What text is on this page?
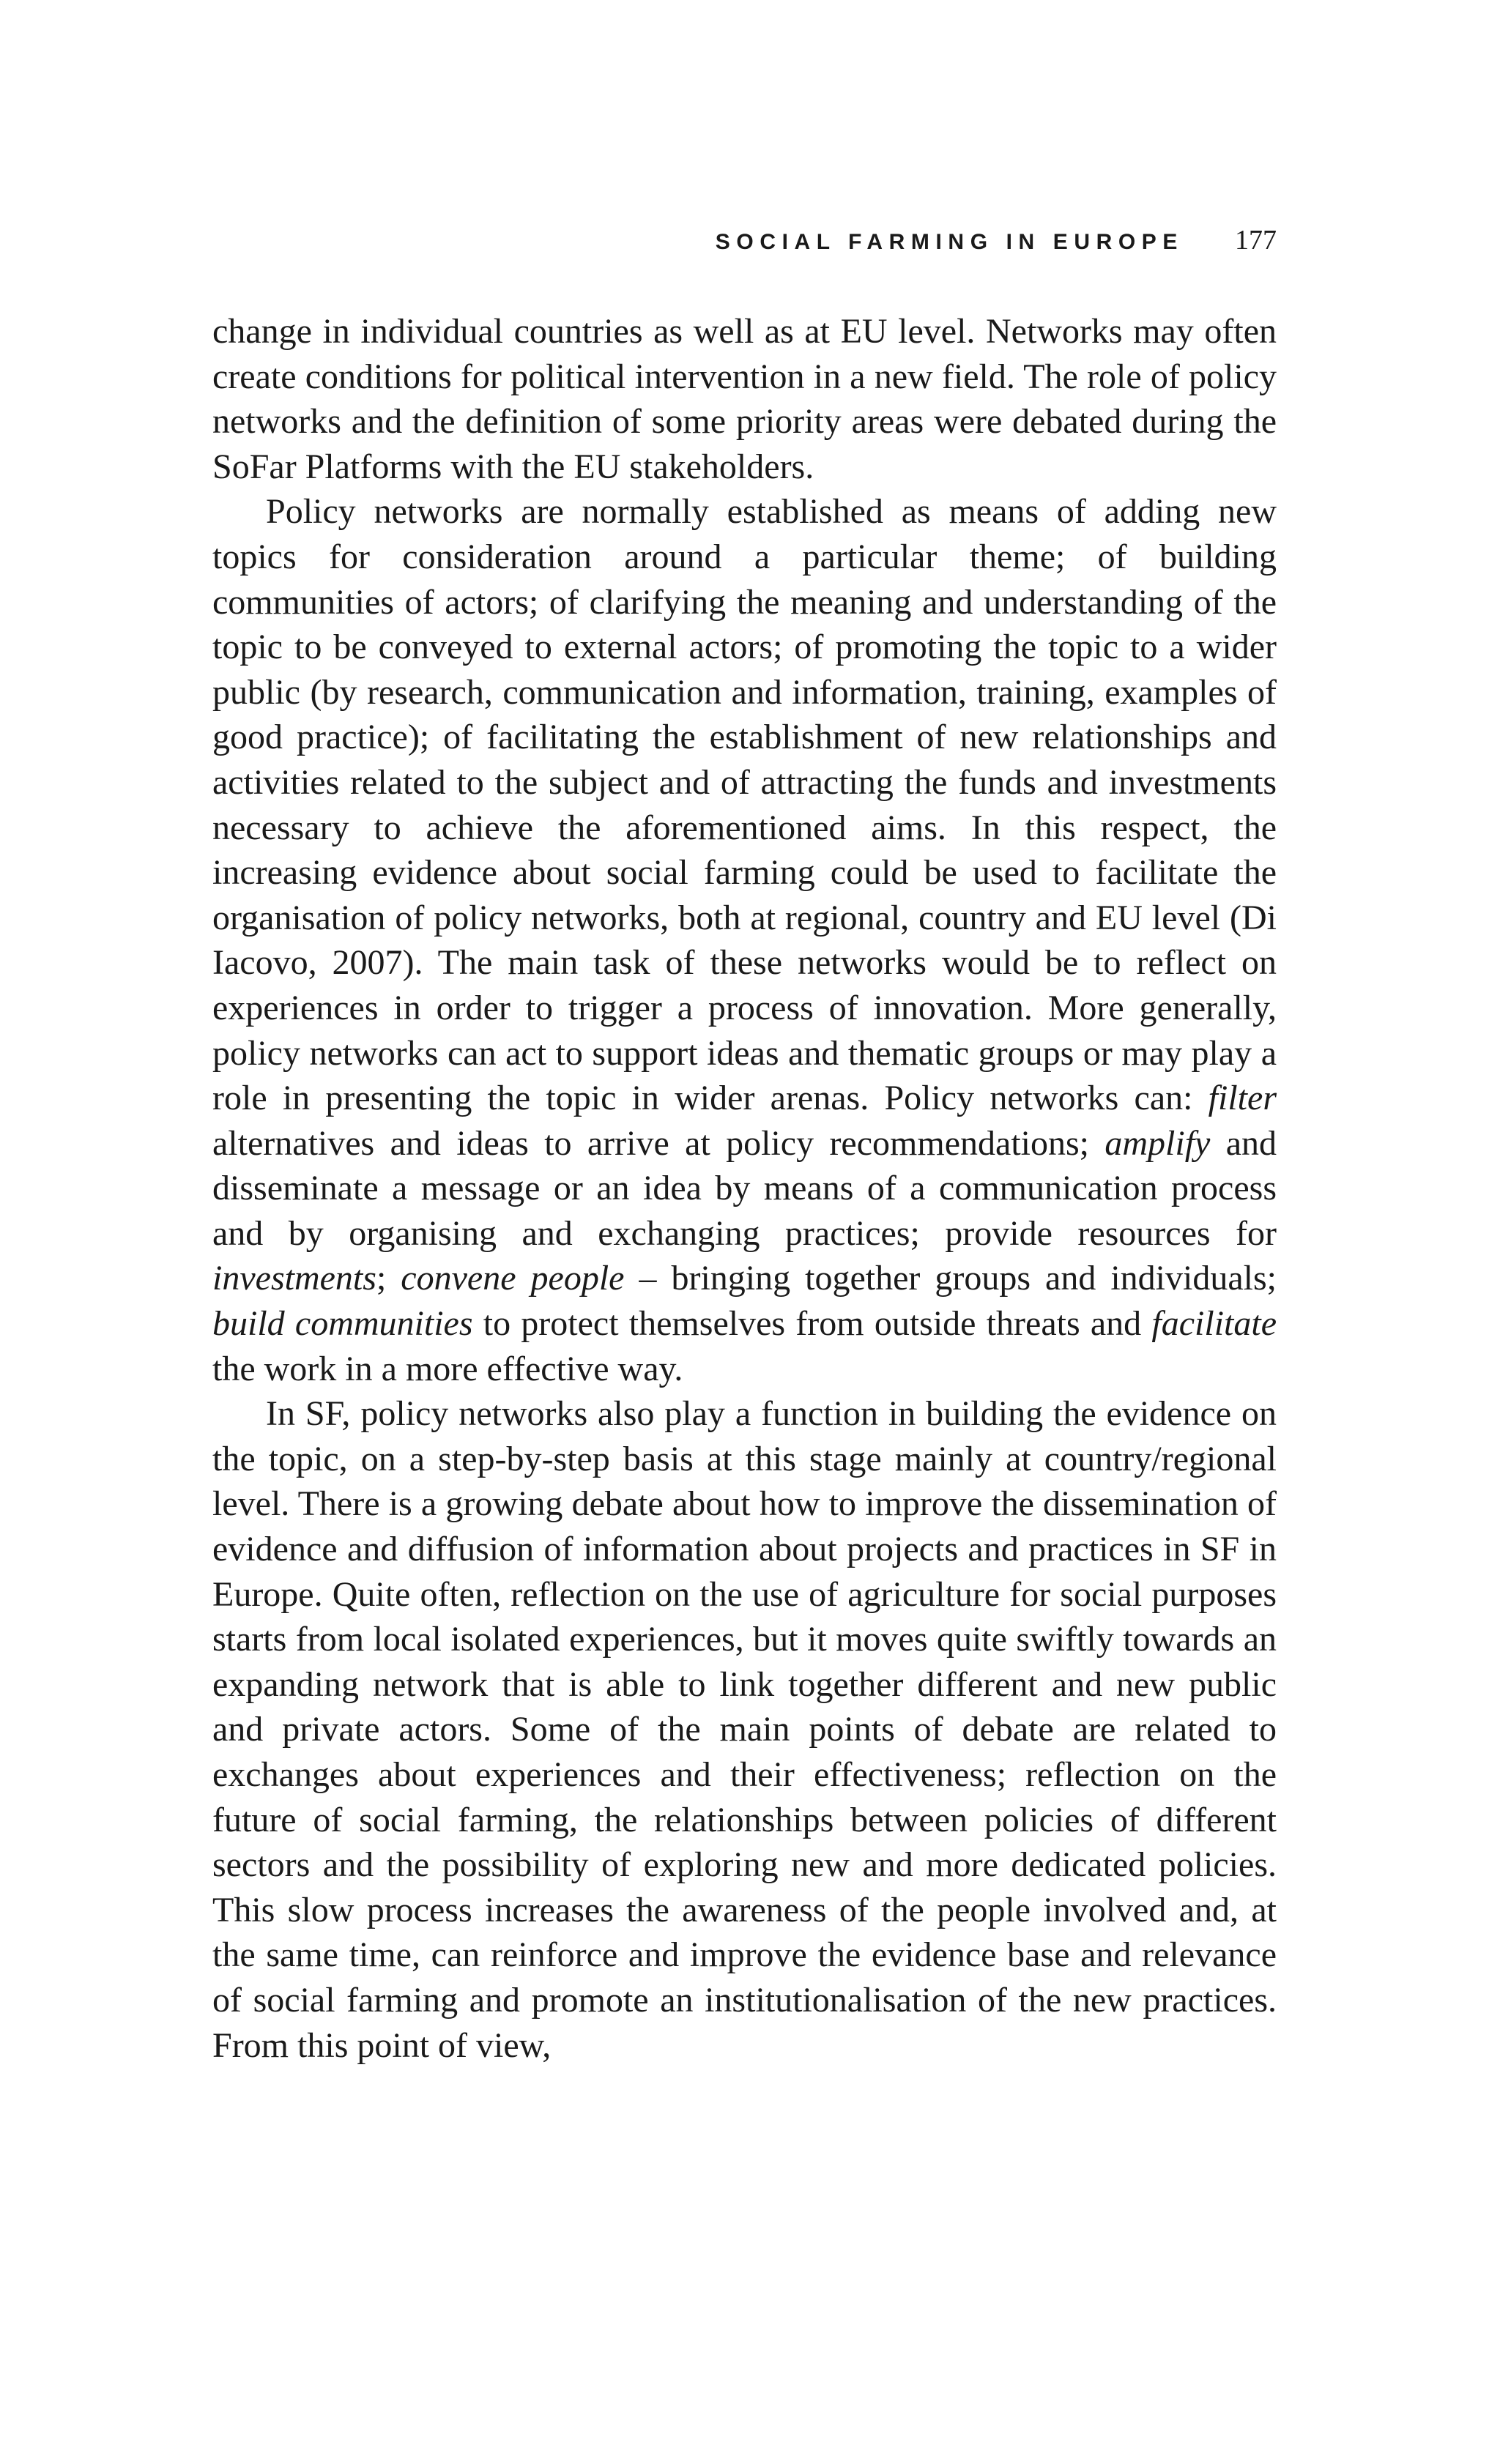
SOCIAL FARMING IN EUROPE 177

change in individual countries as well as at EU level. Networks may often create conditions for political intervention in a new field. The role of policy networks and the definition of some priority areas were debated during the SoFar Platforms with the EU stakeholders.

Policy networks are normally established as means of adding new topics for consideration around a particular theme; of building communities of actors; of clarifying the meaning and understanding of the topic to be conveyed to external actors; of promoting the topic to a wider public (by research, communication and information, training, examples of good practice); of facilitating the establishment of new relationships and activities related to the subject and of attracting the funds and investments necessary to achieve the aforementioned aims. In this respect, the increasing evidence about social farming could be used to facilitate the organisation of policy networks, both at regional, country and EU level (Di Iacovo, 2007). The main task of these networks would be to reflect on experiences in order to trigger a process of innovation. More generally, policy networks can act to support ideas and thematic groups or may play a role in presenting the topic in wider arenas. Policy networks can: filter alternatives and ideas to arrive at policy recommendations; amplify and disseminate a message or an idea by means of a communication process and by organising and exchanging practices; provide resources for investments; convene people – bringing together groups and individuals; build communities to protect themselves from outside threats and facilitate the work in a more effective way.

In SF, policy networks also play a function in building the evidence on the topic, on a step-by-step basis at this stage mainly at country/regional level. There is a growing debate about how to improve the dissemination of evidence and diffusion of information about projects and practices in SF in Europe. Quite often, reflection on the use of agriculture for social purposes starts from local isolated experiences, but it moves quite swiftly towards an expanding network that is able to link together different and new public and private actors. Some of the main points of debate are related to exchanges about experiences and their effectiveness; reflection on the future of social farming, the relationships between policies of different sectors and the possibility of exploring new and more dedicated policies. This slow process increases the awareness of the people involved and, at the same time, can reinforce and improve the evidence base and relevance of social farming and promote an institutionalisation of the new practices. From this point of view,
